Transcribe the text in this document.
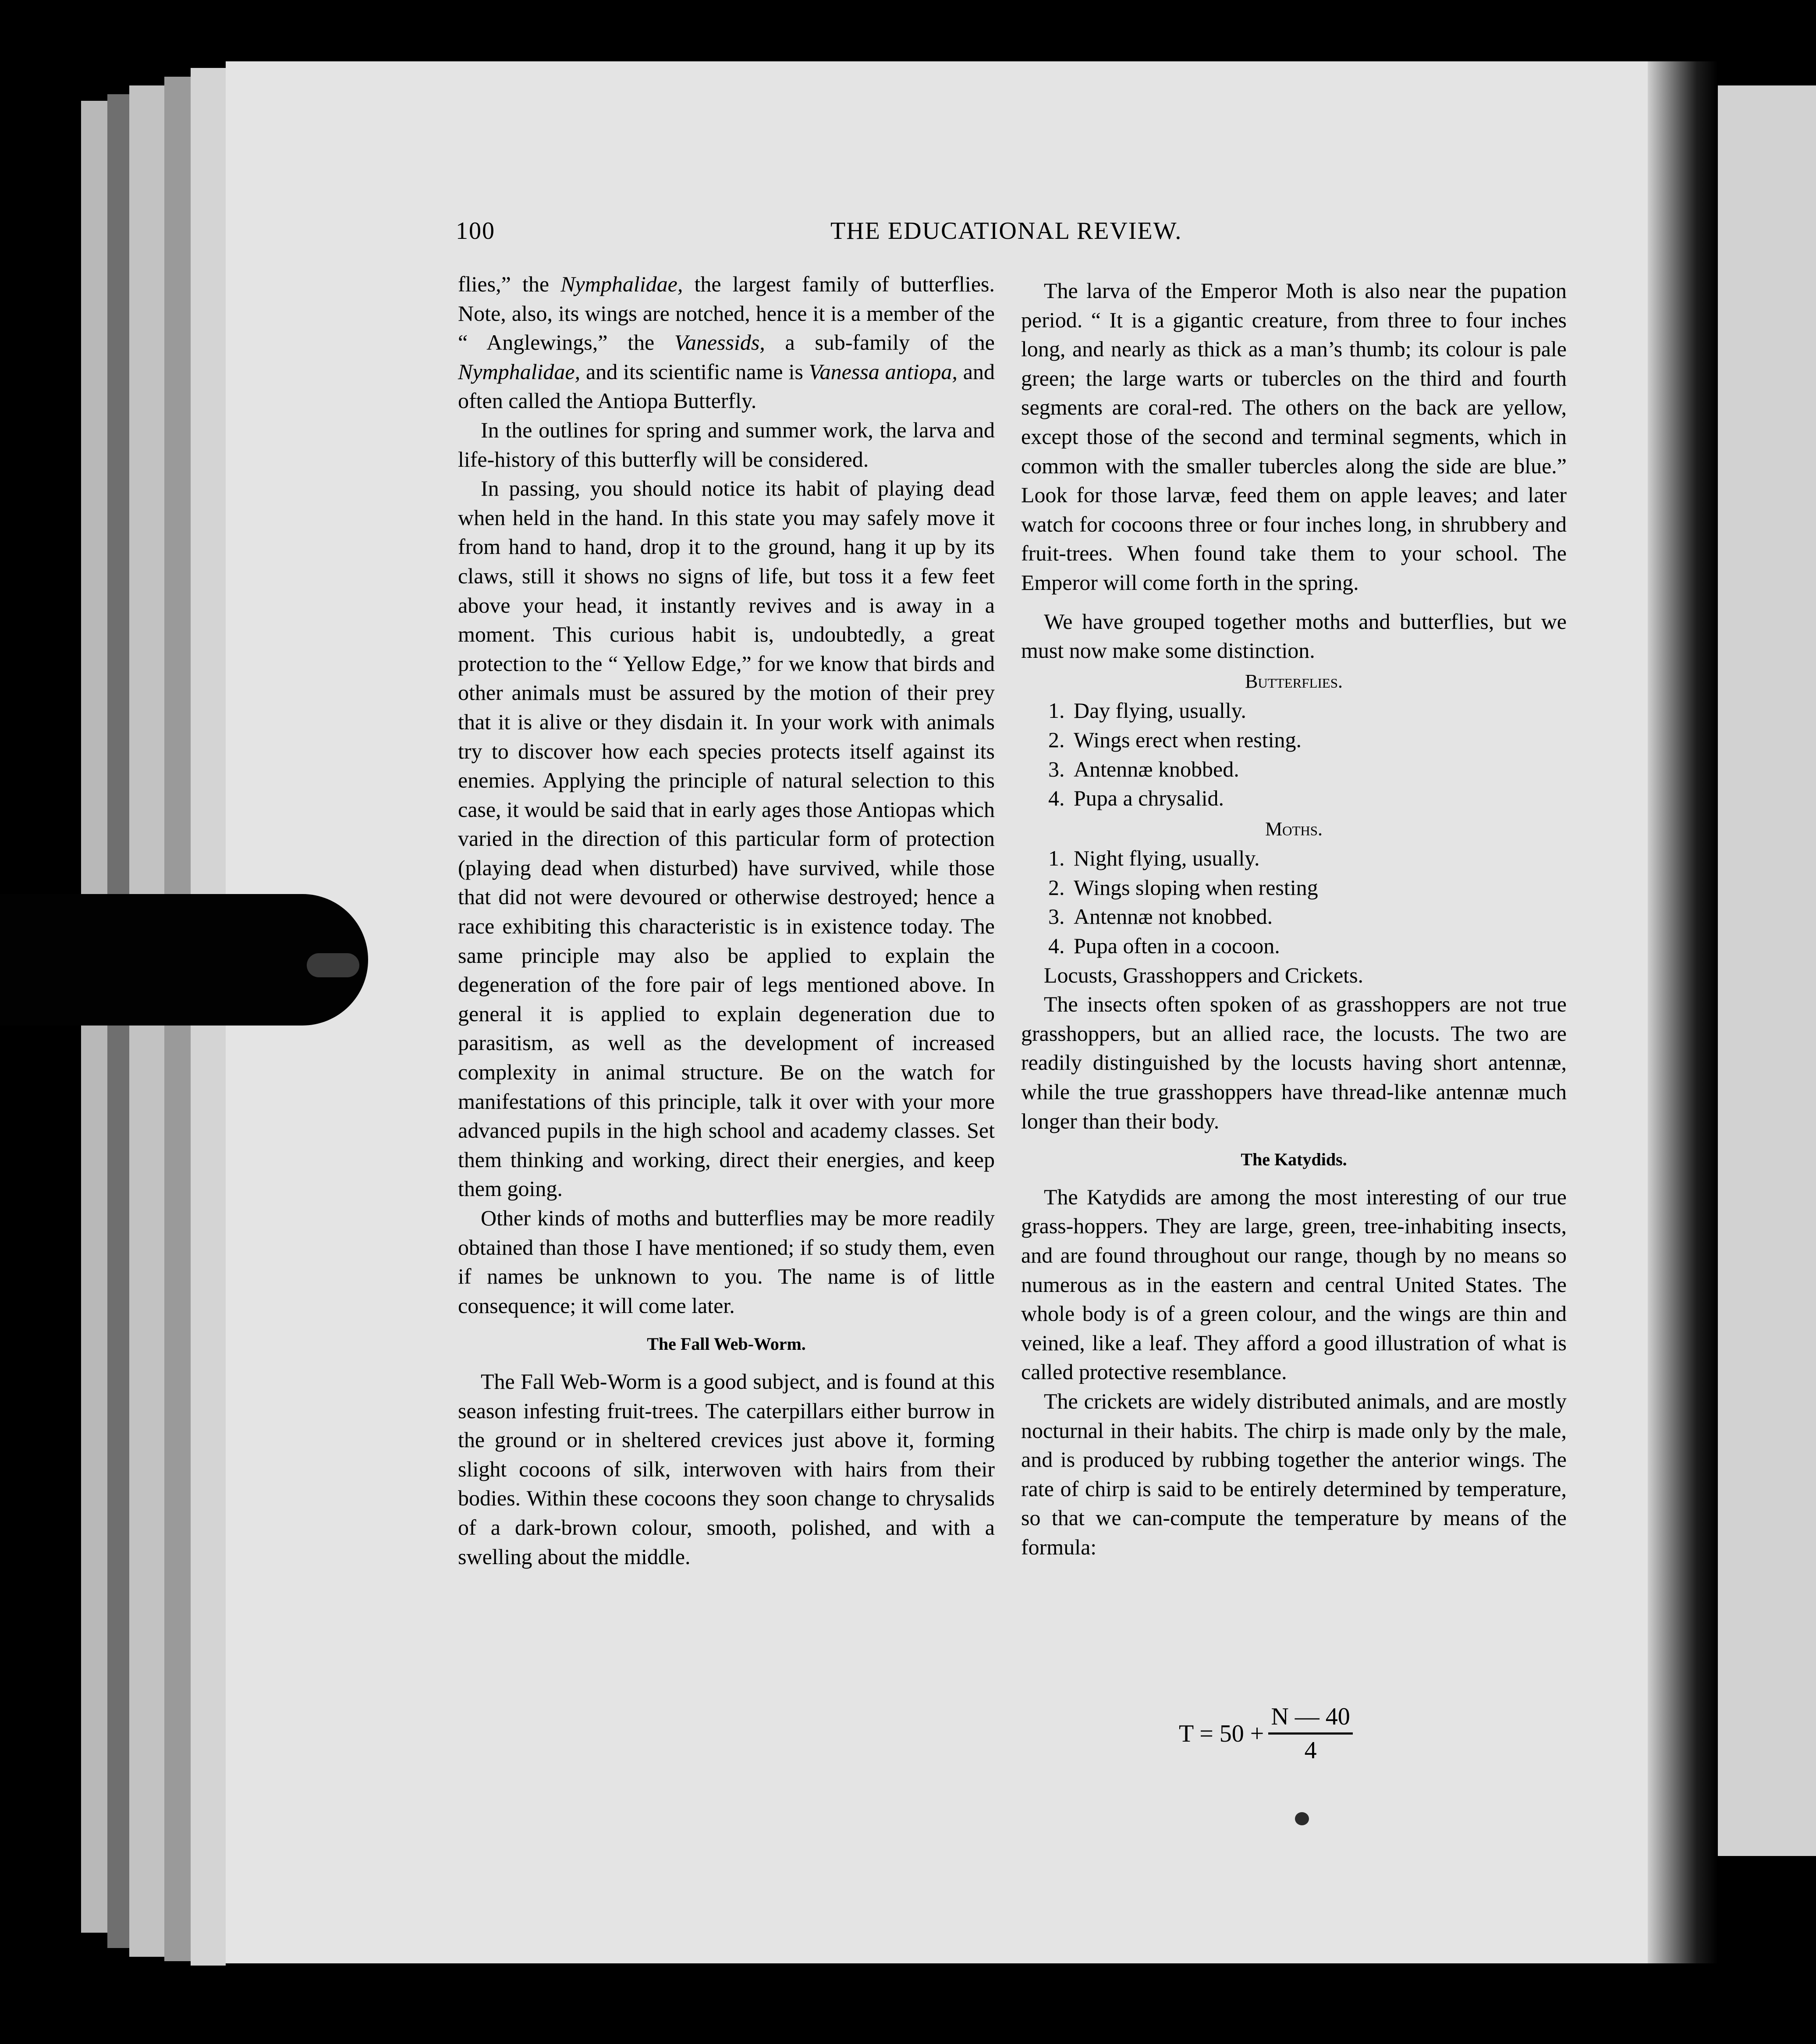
100	THE EDUCATIONAL REVIEW.

flies,” the Nymphalidae, the largest family of butterflies. Note, also, its wings are notched, hence it is a member of the “ Anglewings,” the Vanessids, a sub-family of the Nymphalidae, and its scientific name is Vanessa antiopa, and often called the Antiopa Butterfly.

In the outlines for spring and summer work, the larva and life-history of this butterfly will be considered.

In passing, you should notice its habit of playing dead when held in the hand. In this state you may safely move it from hand to hand, drop it to the ground, hang it up by its claws, still it shows no signs of life, but toss it a few feet above your head, it instantly revives and is away in a moment. This curious habit is, undoubtedly, a great protection to the “ Yellow Edge,” for we know that birds and other animals must be assured by the motion of their prey that it is alive or they disdain it. In your work with animals try to discover how each species protects itself against its enemies. Applying the principle of natural selection to this case, it would be said that in early ages those Antiopas which varied in the direction of this particular form of protection (playing dead when disturbed) have survived, while those that did not were devoured or otherwise destroyed; hence a race exhibiting this characteristic is in existence today. The same principle may also be applied to explain the degeneration of the fore pair of legs mentioned above. In general it is applied to explain degeneration due to parasitism, as well as the development of increased complexity in animal structure. Be on the watch for manifestations of this principle, talk it over with your more advanced pupils in the high school and academy classes. Set them thinking and working, direct their energies, and keep them going.

Other kinds of moths and butterflies may be more readily obtained than those I have mentioned; if so study them, even if names be unknown to you. The name is of little consequence; it will come later.

The Fall Web-Worm.

The Fall Web-Worm is a good subject, and is found at this season infesting fruit-trees. The caterpillars either burrow in the ground or in sheltered crevices just above it, forming slight cocoons of silk, interwoven with hairs from their bodies. Within these cocoons they soon change to chrysalids of a dark-brown colour, smooth, polished, and with a swelling about the middle.

The larva of the Emperor Moth is also near the pupation period. “ It is a gigantic creature, from three to four inches long, and nearly as thick as a man’s thumb; its colour is pale green; the large warts or tubercles on the third and fourth segments are coral-red. The others on the back are yellow, except those of the second and terminal segments, which in common with the smaller tubercles along the side are blue.” Look for those larvæ, feed them on apple leaves; and later watch for cocoons three or four inches long, in shrubbery and fruit-trees. When found take them to your school. The Emperor will come forth in the spring.

We have grouped together moths and butterflies, but we must now make some distinction.

Butterflies.

1. Day flying, usually.
2. Wings erect when resting.
3. Antennæ knobbed.
4. Pupa a chrysalid.

Moths.

1. Night flying, usually.
2. Wings sloping when resting
3. Antennæ not knobbed.
4. Pupa often in a cocoon.

Locusts, Grasshoppers and Crickets.

The insects often spoken of as grasshoppers are not true grasshoppers, but an allied race, the locusts. The two are readily distinguished by the locusts having short antennæ, while the true grasshoppers have thread-like antennæ much longer than their body.

The Katydids.

The Katydids are among the most interesting of our true grass-hoppers. They are large, green, tree-inhabiting insects, and are found throughout our range, though by no means so numerous as in the eastern and central United States. The whole body is of a green colour, and the wings are thin and veined, like a leaf. They afford a good illustration of what is called protective resemblance.

The crickets are widely distributed animals, and are mostly nocturnal in their habits. The chirp is made only by the male, and is produced by rubbing together the anterior wings. The rate of chirp is said to be entirely determined by temperature, so that we can-compute the temperature by means of the formula:

$T = 50 + \frac{N — 40}{4}$
